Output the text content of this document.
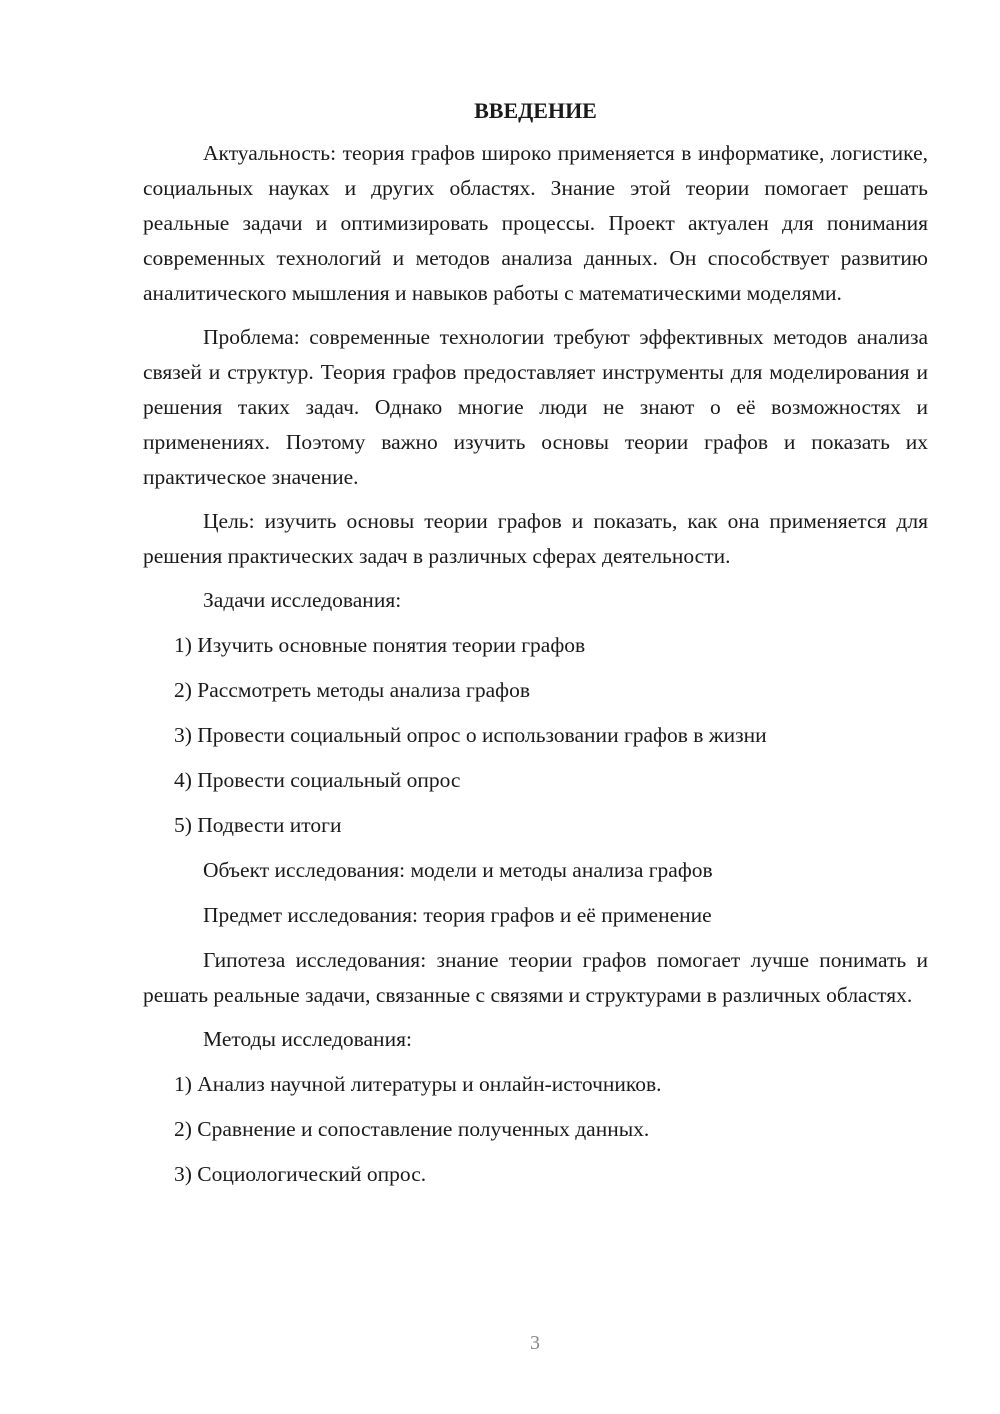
ВВЕДЕНИЕ

Актуальность: теория графов широко применяется в информатике, логистике, социальных науках и других областях. Знание этой теории помогает решать реальные задачи и оптимизировать процессы. Проект актуален для понимания современных технологий и методов анализа данных. Он способствует развитию аналитического мышления и навыков работы с математическими моделями.

Проблема: современные технологии требуют эффективных методов анализа связей и структур. Теория графов предоставляет инструменты для моделирования и решения таких задач. Однако многие люди не знают о её возможностях и применениях. Поэтому важно изучить основы теории графов и показать их практическое значение.

Цель: изучить основы теории графов и показать, как она применяется для решения практических задач в различных сферах деятельности.

Задачи исследования:
1) Изучить основные понятия теории графов
2) Рассмотреть методы анализа графов
3) Провести социальный опрос о использовании графов в жизни
4) Провести социальный опрос
5) Подвести итоги
Объект исследования: модели и методы анализа графов
Предмет исследования: теория графов и её применение

Гипотеза исследования: знание теории графов помогает лучше понимать и решать реальные задачи, связанные с связями и структурами в различных областях.

Методы исследования:
1) Анализ научной литературы и онлайн-источников.
2) Сравнение и сопоставление полученных данных.
3) Социологический опрос.
3
